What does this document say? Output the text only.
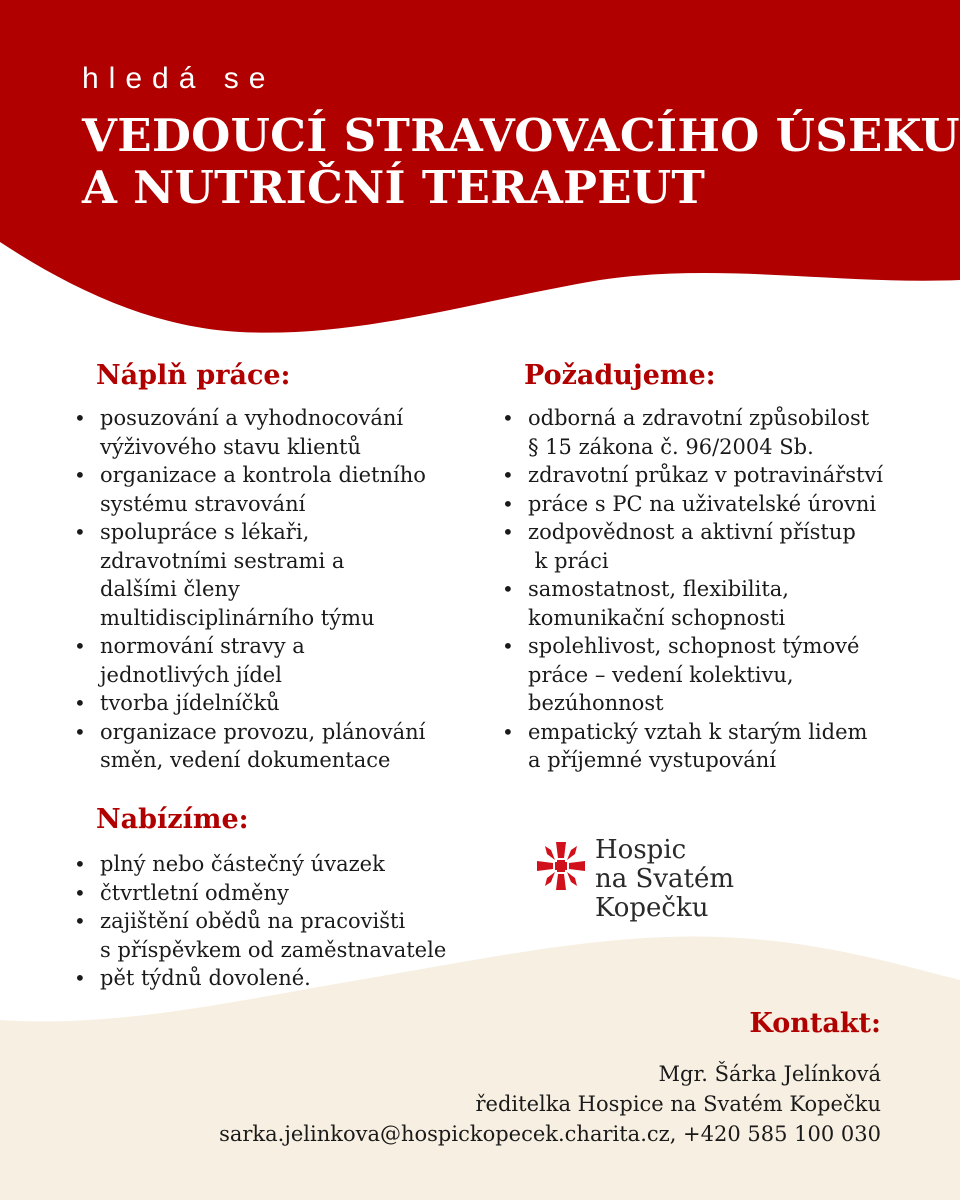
hledá se

VEDOUCÍ STRAVOVACÍHO ÚSEKU
A NUTRIČNÍ TERAPEUT
Náplň práce:
• posuzování a vyhodnocování
výživového stavu klientů
• organizace a kontrola dietního
systému stravování
• spolupráce s lékaři,
zdravotními sestrami a
dalšími členy
multidisciplinárního týmu
• normování stravy a
jednotlivých jídel
• tvorba jídelníčků
• organizace provozu, plánování
směn, vedení dokumentace
Požadujeme:
• odborná a zdravotní způsobilost
§ 15 zákona č. 96/2004 Sb.
• zdravotní průkaz v potravinářství
• práce s PC na uživatelské úrovni
• zodpovědnost a aktivní přístup
k práci
• samostatnost, flexibilita,
komunikační schopnosti
• spolehlivost, schopnost týmové
práce – vedení kolektivu,
bezúhonnost
• empatický vztah k starým lidem
a příjemné vystupování
Nabízíme:
• plný nebo částečný úvazek
• čtvrtletní odměny
• zajištění obědů na pracovišti
s příspěvkem od zaměstnavatele
• pět týdnů dovolené.
Hospic
na Svatém Kopečku
Kontakt:
Mgr. Šárka Jelínková
ředitelka Hospice na Svatém Kopečku
sarka.jelinkova@hospickopecek.charita.cz, +420 585 100 030
